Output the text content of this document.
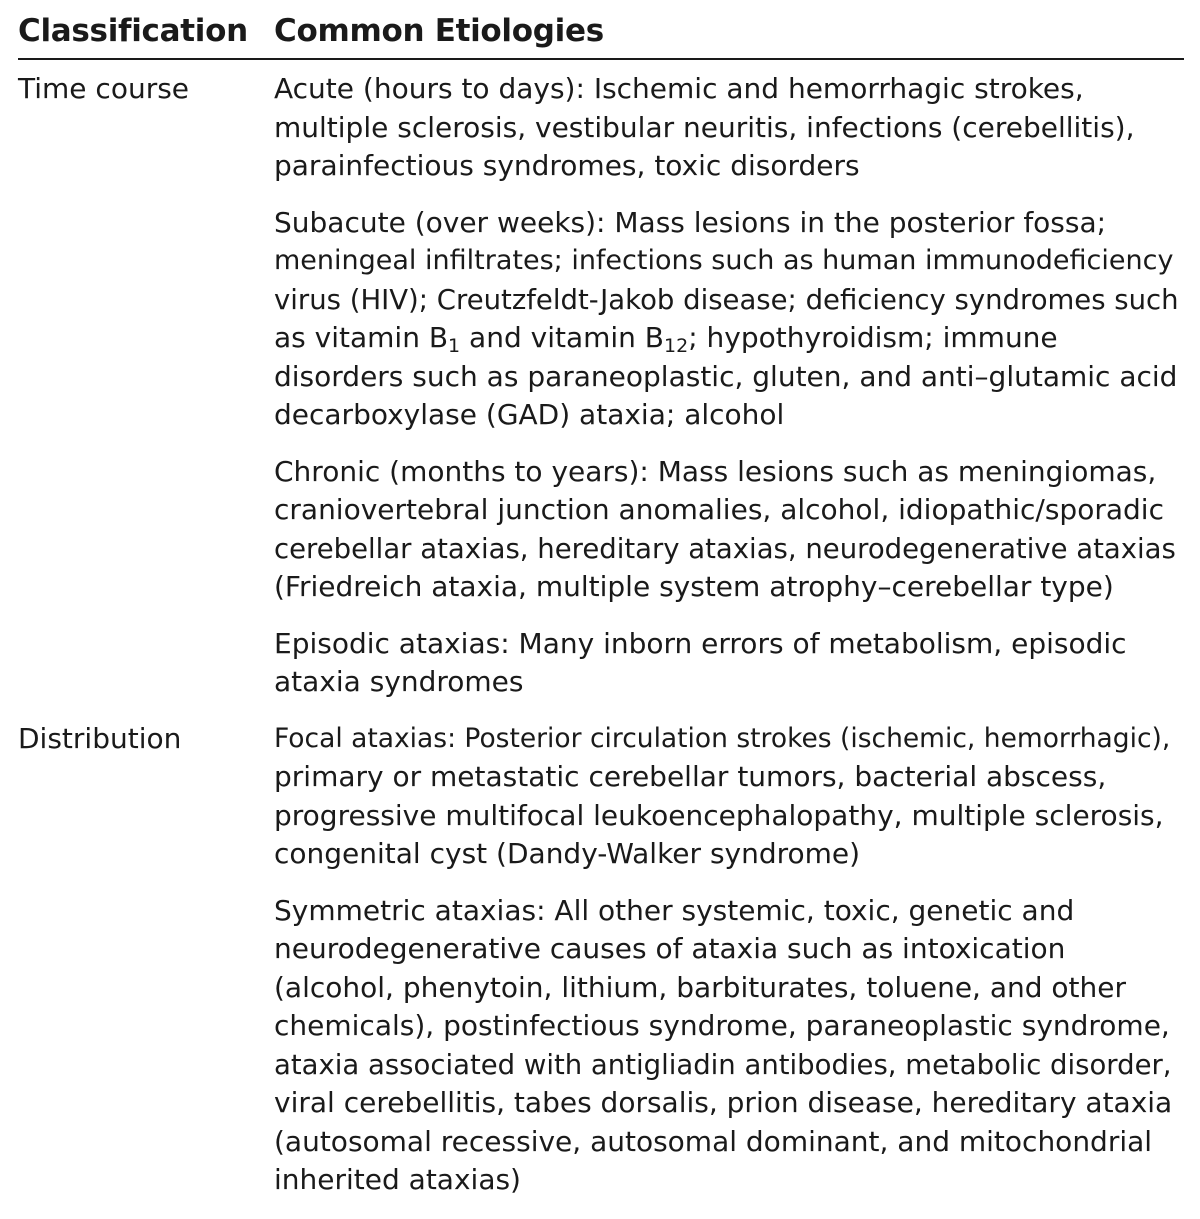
Classification Common Etiologies
Time course	Acute (hours to days): Ischemic and hemorrhagic strokes,
multiple sclerosis, vestibular neuritis, infections (cerebellitis),
parainfectious syndromes, toxic disorders

Subacute (over weeks): Mass lesions in the posterior fossa;
meningeal infiltrates; infections such as human immunodeficiency
virus (HIV); Creutzfeldt-Jakob disease; deficiency syndromes such
as vitamin $B_1$ and vitamin $B_{12}$; hypothyroidism; immune
disorders such as paraneoplastic, gluten, and anti–glutamic acid
decarboxylase (GAD) ataxia; alcohol

Chronic (months to years): Mass lesions such as meningiomas,
craniovertebral junction anomalies, alcohol, idiopathic/sporadic
cerebellar ataxias, hereditary ataxias, neurodegenerative ataxias
(Friedreich ataxia, multiple system atrophy–cerebellar type)

Episodic ataxias: Many inborn errors of metabolism, episodic
ataxia syndromes

Distribution	Focal ataxias: Posterior circulation strokes (ischemic, hemorrhagic),
primary or metastatic cerebellar tumors, bacterial abscess,
progressive multifocal leukoencephalopathy, multiple sclerosis,
congenital cyst (Dandy-Walker syndrome)

Symmetric ataxias: All other systemic, toxic, genetic and
neurodegenerative causes of ataxia such as intoxication
(alcohol, phenytoin, lithium, barbiturates, toluene, and other
chemicals), postinfectious syndrome, paraneoplastic syndrome,
ataxia associated with antigliadin antibodies, metabolic disorder,
viral cerebellitis, tabes dorsalis, prion disease, hereditary ataxia
(autosomal recessive, autosomal dominant, and mitochondrial
inherited ataxias)
